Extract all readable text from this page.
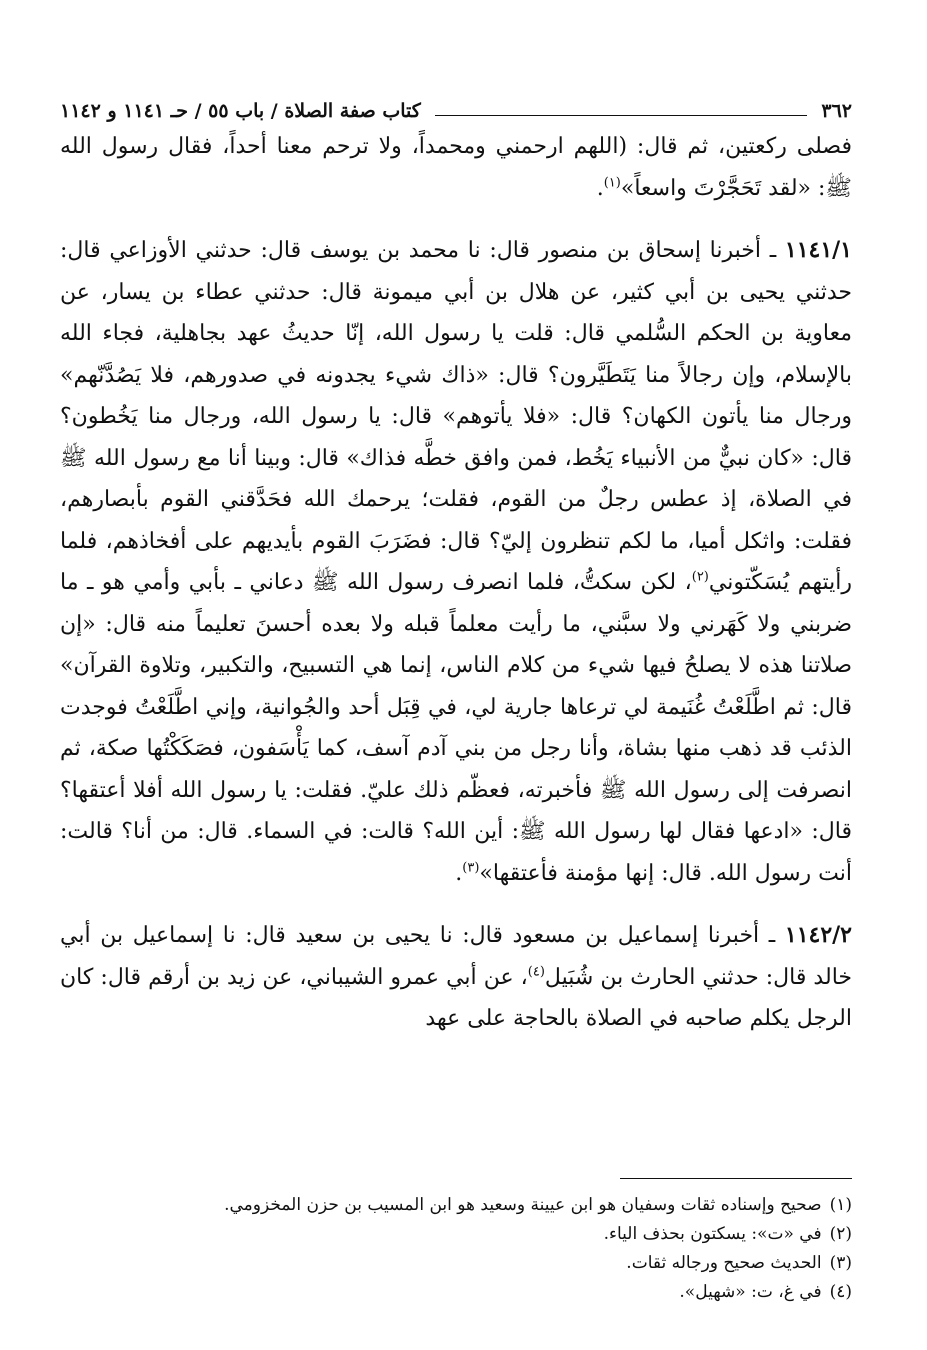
٣٦٢
كتاب صفة الصلاة / باب ٥٥ / حـ ١١٤١ و ١١٤٢

فصلى ركعتين، ثم قال: (اللهم ارحمني ومحمداً، ولا ترحم معنا أحداً، فقال رسول الله ﷺ: «لقد تَحَجَّرْتَ واسعاً»$^{(١)}$.

١١٤١/١ ـ أخبرنا إسحاق بن منصور قال: نا محمد بن يوسف قال: حدثني الأوزاعي قال: حدثني يحيى بن أبي كثير، عن هلال بن أبي ميمونة قال: حدثني عطاء بن يسار، عن معاوية بن الحكم السُّلمي قال: قلت يا رسول الله، إنّا حديثُ عهد بجاهلية، فجاء الله بالإسلام، وإن رجالاً منا يَتَطَيَّرون؟ قال: «ذاك شيء يجدونه في صدورهم، فلا يَصُدَّنّهم» ورجال منا يأتون الكهان؟ قال: «فلا يأتوهم» قال: يا رسول الله، ورجال منا يَخُطون؟ قال: «كان نبيٌّ من الأنبياء يَخُط، فمن وافق خطَّه فذاك» قال: وبينا أنا مع رسول الله ﷺ في الصلاة، إذ عطس رجلٌ من القوم، فقلت؛ يرحمك الله فحَدَّقني القوم بأبصارهم، فقلت: واثكل أميا، ما لكم تنظرون إليّ؟ قال: فضَرَبَ القوم بأيديهم على أفخاذهم، فلما رأيتهم يُسَكّتوني$^{(٢)}$، لكن سكتُّ، فلما انصرف رسول الله ﷺ دعاني ـ بأبي وأمي هو ـ ما ضربني ولا كَهَرني ولا سبَّني، ما رأيت معلماً قبله ولا بعده أحسنَ تعليماً منه قال: «إن صلاتنا هذه لا يصلحُ فيها شيء من كلام الناس، إنما هي التسبيح، والتكبير، وتلاوة القرآن» قال: ثم اطَّلَعْتُ غُنَيمة لي ترعاها جارية لي، في قِبَل أحد والجُوانية، وإني اطَّلَعْتُ فوجدت الذئب قد ذهب منها بشاة، وأنا رجل من بني آدم آسف، كما يَأْسَفون، فصَكَكْتُها صكة، ثم انصرفت إلى رسول الله ﷺ فأخبرته، فعظّم ذلك عليّ. فقلت: يا رسول الله أفلا أعتقها؟ قال: «ادعها فقال لها رسول الله ﷺ: أين الله؟ قالت: في السماء. قال: من أنا؟ قالت: أنت رسول الله. قال: إنها مؤمنة فأعتقها»$^{(٣)}$.

١١٤٢/٢ ـ أخبرنا إسماعيل بن مسعود قال: نا يحيى بن سعيد قال: نا إسماعيل بن أبي خالد قال: حدثني الحارث بن شُبَيل$^{(٤)}$، عن أبي عمرو الشيباني، عن زيد بن أرقم قال: كان الرجل يكلم صاحبه في الصلاة بالحاجة على عهد

(١)صحيح وإسناده ثقات وسفيان هو ابن عيينة وسعيد هو ابن المسيب بن حزن المخزومي.

(٢)في «ت»: يسكتون بحذف الياء.

(٣)الحديث صحيح ورجاله ثقات.

(٤)في غ، ت: «شهيل».
